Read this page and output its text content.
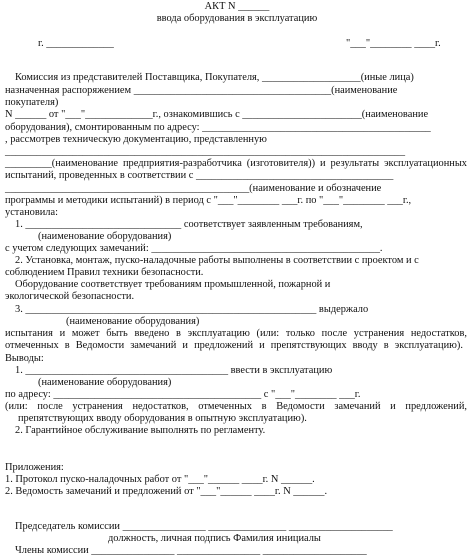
АКТ N ______
ввода оборудования в эксплуатацию
г. _____________	"___"________ ____г.
Комиссия из представителей Поставщика, Покупателя, ___________________(иные лица)
назначенная распоряжением ______________________________________(наименование
покупателя)
N ______ от "___"_____________г., ознакомившись с _______________________(наименование
оборудования), смонтированным по адресу: ____________________________________________
, рассмотрев техническую документацию, представленную
_____________________________________________________________________________
_________(наименование предприятия-разработчика (изготовителя)) и результаты эксплуатационных
испытаний, проведенных в соответствии с ______________________________________
_______________________________________________(наименование и обозначение
программы и методики испытаний) в период с "___"________ ___г. по "___"________ ___г.,
установила:
1. ______________________________ соответствует заявленным требованиям,
(наименование оборудования)
с учетом следующих замечаний: ____________________________________________.
2. Установка, монтаж, пуско-наладочные работы выполнены в соответствии с проектом и с
соблюдением Правил техники безопасности.
Оборудование соответствует требованиям промышленной, пожарной и
экологической безопасности.
3. ________________________________________________________ выдержало
(наименование оборудования)
испытания и может быть введено в эксплуатацию (или: только после устранения недостатков,
отмеченных в Ведомости замечаний и предложений и препятствующих вводу в эксплуатацию).
Выводы:
1. _______________________________________ ввести в эксплуатацию
(наименование оборудования)
по адресу: ________________________________________ с "___"________ ___г.
(или: после устранения недостатков, отмеченных в Ведомости замечаний и предложений,
препятствующих вводу оборудования в опытную эксплуатацию).
2. Гарантийное обслуживание выполнять по регламенту.
Приложения:
1. Протокол пуско-наладочных работ от "___"______ ____г. N ______.
2. Ведомость замечаний и предложений от "___"______ ____г. N ______.
Председатель комиссии ________________ _______________ ____________________
должность, личная подпись Фамилия инициалы
Члены комиссии ________________ ________________ ____________________
